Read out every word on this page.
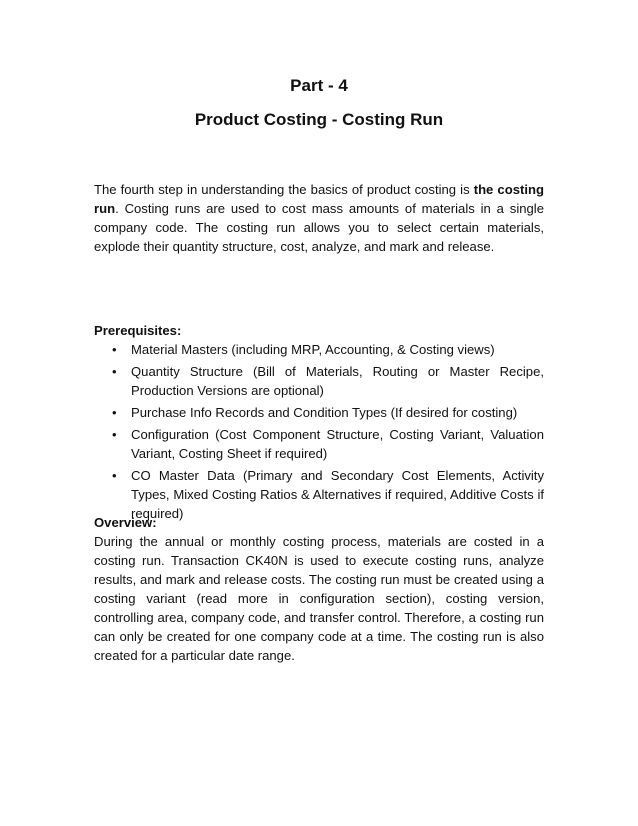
Part - 4
Product Costing - Costing Run

The fourth step in understanding the basics of product costing is the costing run. Costing runs are used to cost mass amounts of materials in a single company code. The costing run allows you to select certain materials, explode their quantity structure, cost, analyze, and mark and release.

Prerequisites:

• Material Masters (including MRP, Accounting, & Costing views)
• Quantity Structure (Bill of Materials, Routing or Master Recipe, Production Versions are optional)
• Purchase Info Records and Condition Types (If desired for costing)
• Configuration (Cost Component Structure, Costing Variant, Valuation Variant, Costing Sheet if required)
• CO Master Data (Primary and Secondary Cost Elements, Activity Types, Mixed Costing Ratios & Alternatives if required, Additive Costs if required)

Overview:

During the annual or monthly costing process, materials are costed in a costing run. Transaction CK40N is used to execute costing runs, analyze results, and mark and release costs. The costing run must be created using a costing variant (read more in configuration section), costing version, controlling area, company code, and transfer control. Therefore, a costing run can only be created for one company code at a time. The costing run is also created for a particular date range.
